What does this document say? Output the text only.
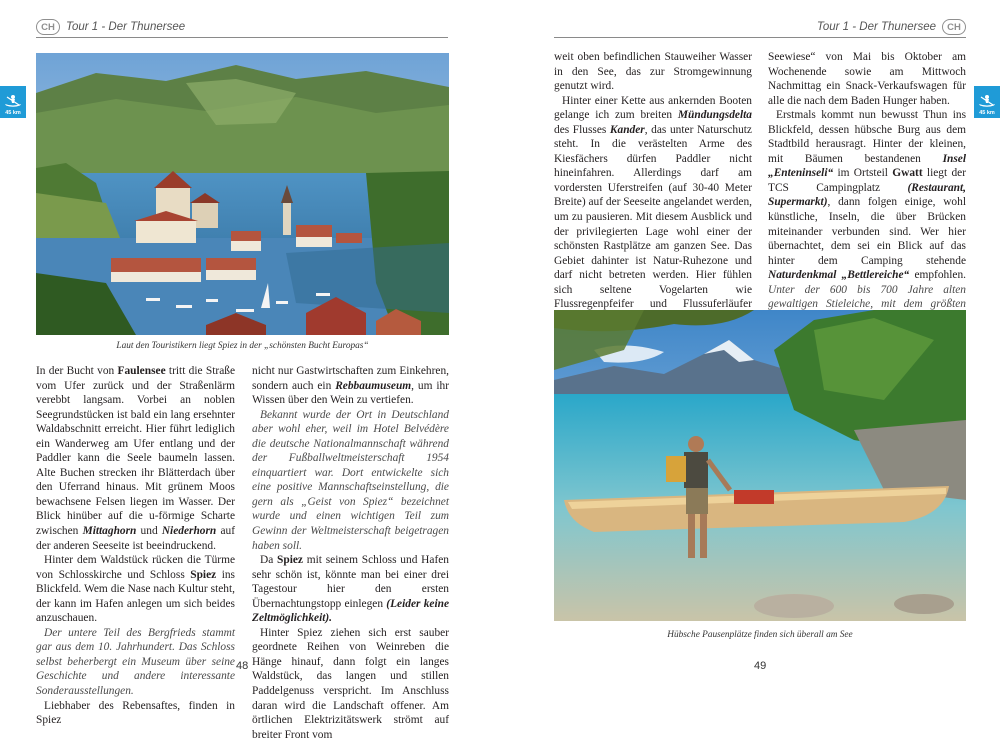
CH Tour 1 - Der Thunersee
45 km
Laut den Touristikern liegt Spiez in der „schönsten Bucht Europas“

In der Bucht von Faulensee tritt die Straße vom Ufer zurück und der Straßenlärm verebbt langsam. Vorbei an noblen Seegrundstücken ist bald ein lang ersehnter Waldabschnitt erreicht. Hier führt lediglich ein Wanderweg am Ufer entlang und der Paddler kann die Seele baumeln lassen. Alte Buchen strecken ihr Blätterdach über den Uferrand hinaus. Mit grünem Moos bewachsene Felsen liegen im Wasser. Der Blick hinüber auf die u-förmige Scharte zwischen Mittaghorn und Niederhorn auf der anderen Seeseite ist beeindruckend.

Hinter dem Waldstück rücken die Türme von Schlosskirche und Schloss Spiez ins Blickfeld. Wem die Nase nach Kultur steht, der kann im Hafen anlegen um sich beides anzuschauen.

Der untere Teil des Bergfrieds stammt gar aus dem 10. Jahrhundert. Das Schloss selbst beherbergt ein Museum über seine Geschichte und andere interessante Sonderausstellungen.

Liebhaber des Rebensaftes, finden in Spiez

nicht nur Gastwirtschaften zum Einkehren, sondern auch ein Rebbaumuseum, um ihr Wissen über den Wein zu vertiefen.

Bekannt wurde der Ort in Deutschland aber wohl eher, weil im Hotel Belvédère die deutsche Nationalmannschaft während der Fußballweltmeisterschaft 1954 einquartiert war. Dort entwickelte sich eine positive Mannschaftseinstellung, die gern als „Geist von Spiez“ bezeichnet wurde und einen wichtigen Teil zum Gewinn der Weltmeisterschaft beigetragen haben soll.

Da Spiez mit seinem Schloss und Hafen sehr schön ist, könnte man bei einer drei Tagestour hier den ersten Übernachtungstopp einlegen (Leider keine Zeltmöglichkeit).

Hinter Spiez ziehen sich erst sauber geordnete Reihen von Weinreben die Hänge hinauf, dann folgt ein langes Waldstück, das langen und stillen Paddelgenuss verspricht. Im Anschluss daran wird die Landschaft offener. Am örtlichen Elektrizitätswerk strömt auf breiter Front vom

48
Tour 1 - Der Thunersee	CH
45 km

weit oben befindlichen Stauweiher Wasser in den See, das zur Stromgewinnung genutzt wird.

Hinter einer Kette aus ankernden Booten gelange ich zum breiten Mündungsdelta des Flusses Kander, das unter Naturschutz steht. In die verästelten Arme des Kiesfächers dürfen Paddler nicht hineinfahren. Allerdings darf am vordersten Uferstreifen (auf 30-40 Meter Breite) auf der Seeseite angelandet werden, um zu pausieren. Mit diesem Ausblick und der privilegierten Lage wohl einer der schönsten Rastplätze am ganzen See. Das Gebiet dahinter ist Natur-Ruhezone und darf nicht betreten werden. Hier fühlen sich seltene Vogelarten wie Flussregenpfeifer und Flussuferläufer

Seewiese“ von Mai bis Oktober am Wochenende sowie am Mittwoch Nachmittag ein Snack-Verkaufswagen für alle die nach dem Baden Hunger haben.

Erstmals kommt nun bewusst Thun ins Blickfeld, dessen hübsche Burg aus dem Stadtbild herausragt. Hinter der kleinen, mit Bäumen bestandenen Insel „Enteninseli“ im Ortsteil Gwatt liegt der TCS Campingplatz (Restaurant, Supermarkt), dann folgen einige, wohl künstliche, Inseln, die über Brücken miteinander verbunden sind. Wer hier übernachtet, dem sei ein Blick auf das hinter dem Camping stehende Naturdenkmal „Bettlereiche“ empfohlen. Unter der 600 bis 700 Jahre alten gewaltigen Stieleiche, mit dem größten

Hübsche Pausenplätze finden sich überall am See
49
